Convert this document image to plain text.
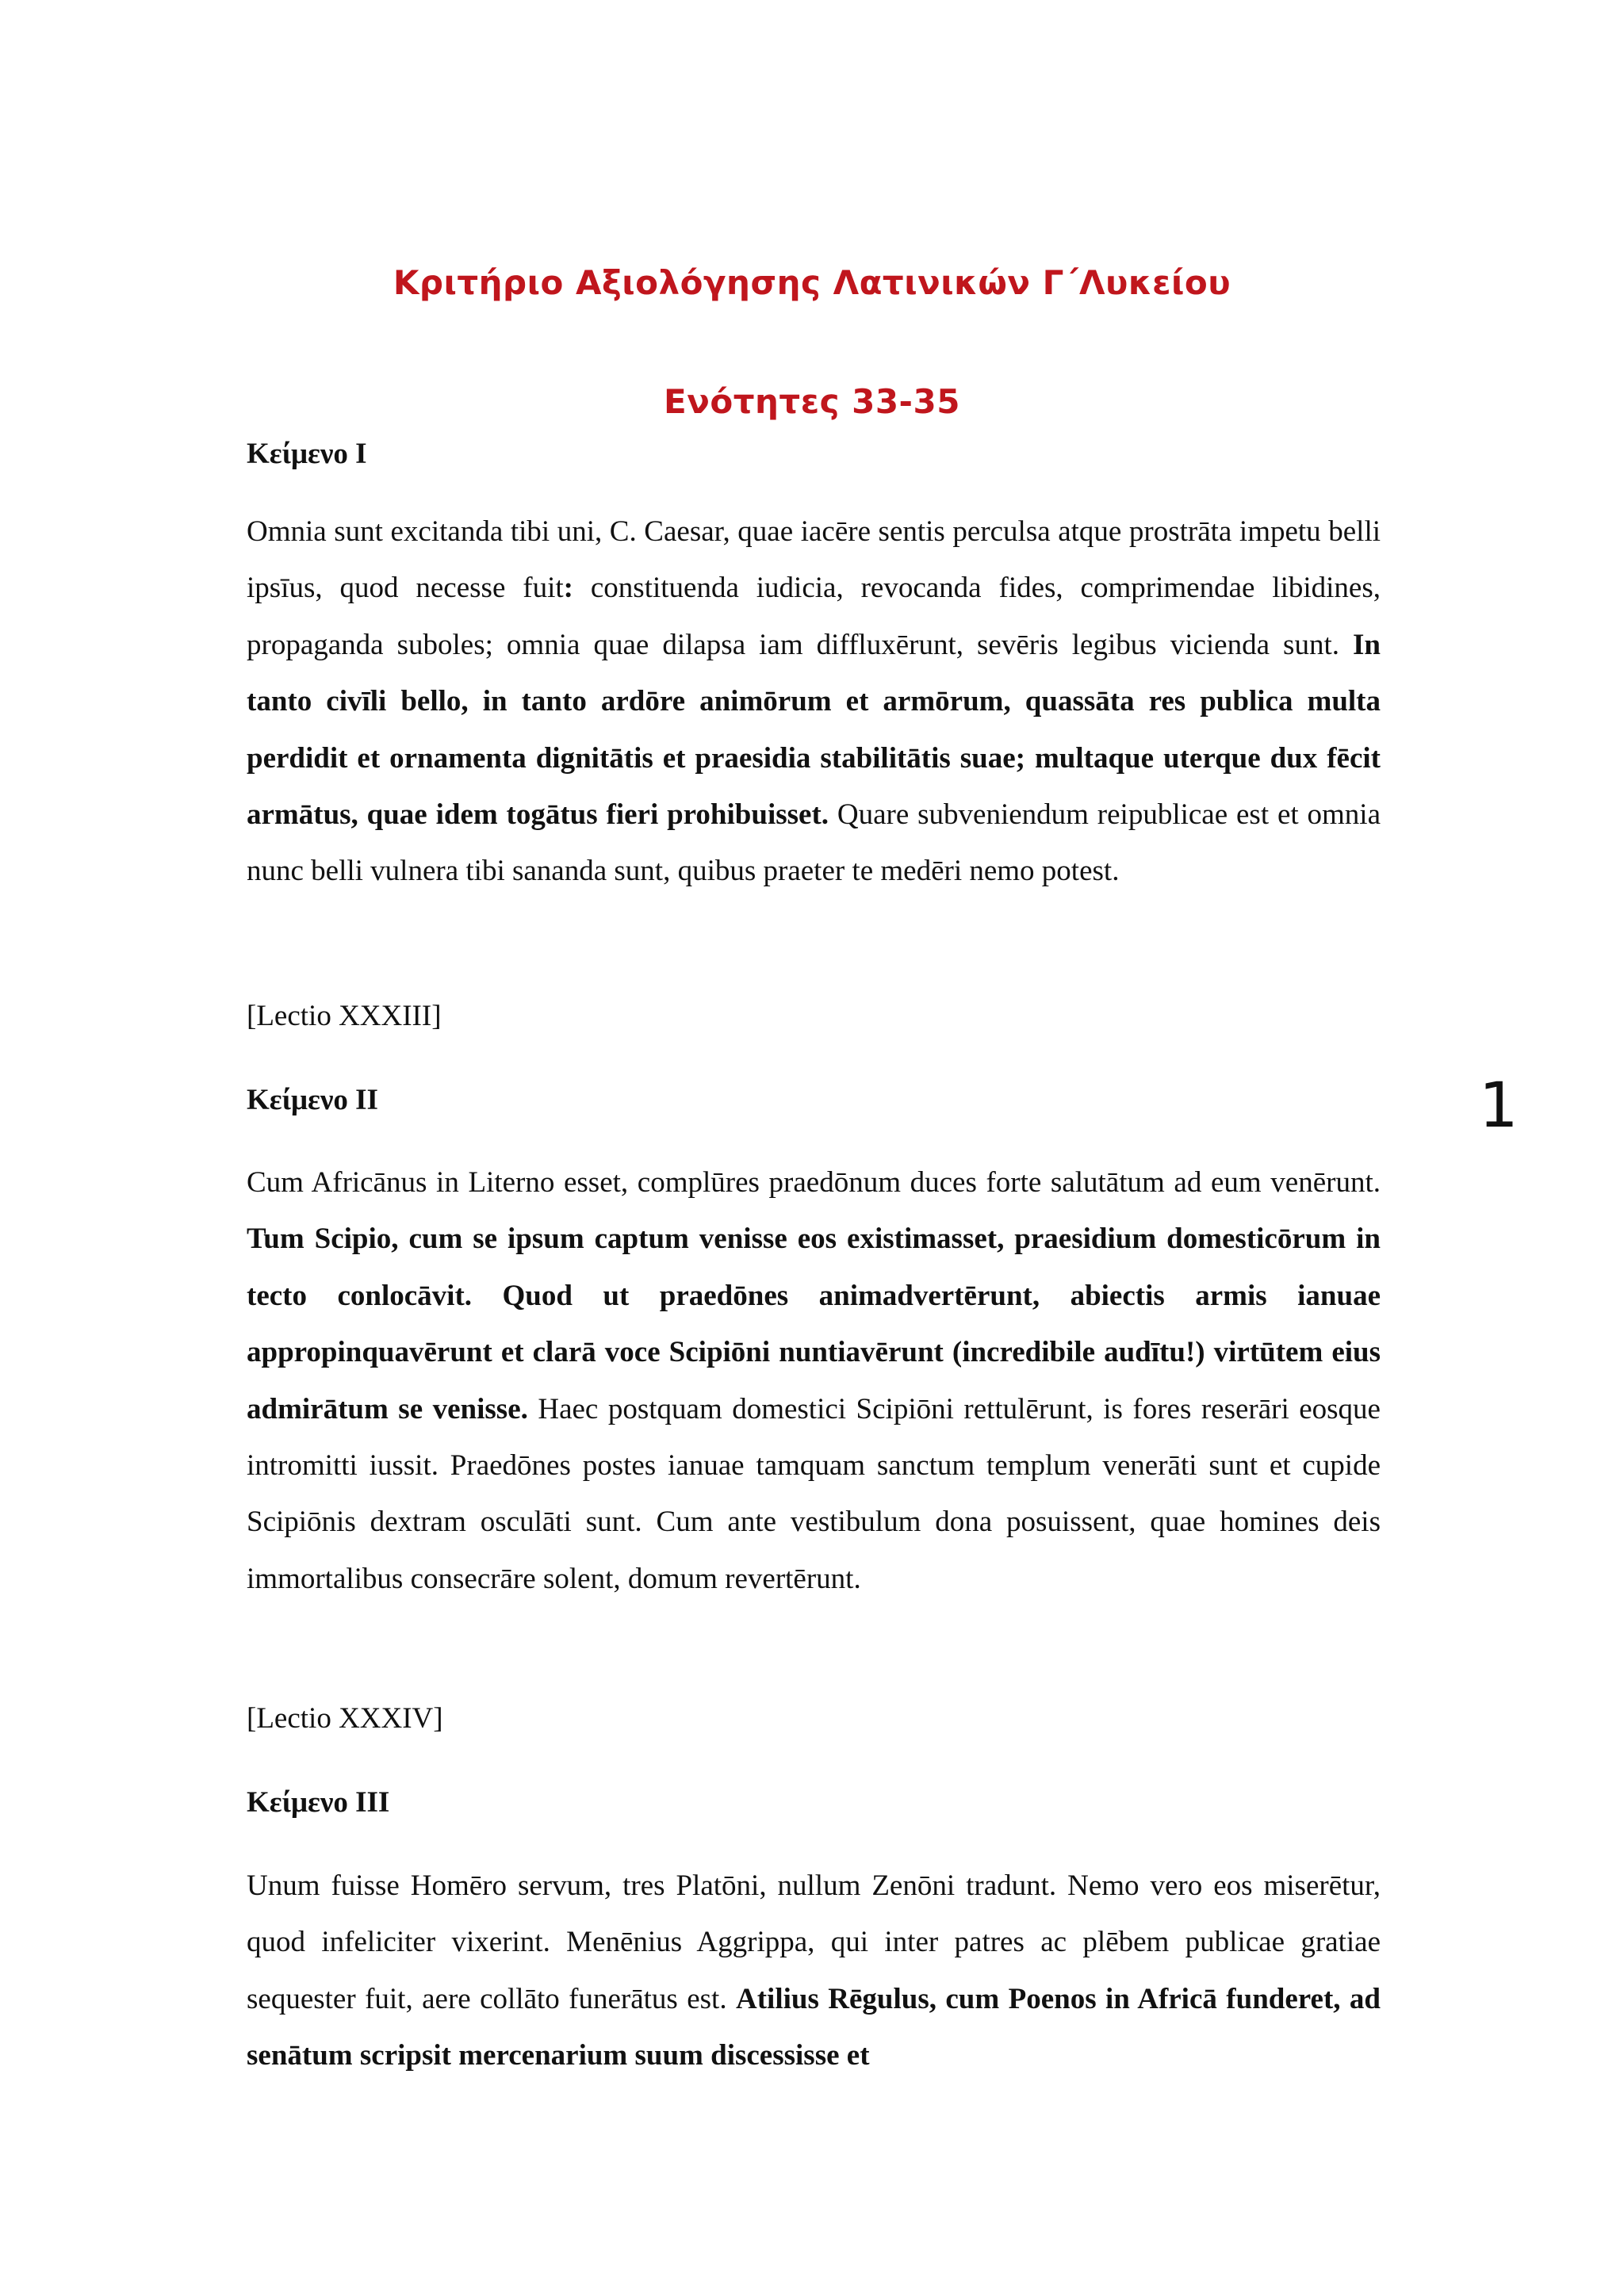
Κριτήριο Αξιολόγησης Λατινικών Γ΄Λυκείου
Ενότητες 33-35
Κείμενο Ι
Omnia sunt excitanda tibi uni, C. Caesar, quae iacēre sentis perculsa atque prostrāta impetu belli ipsīus, quod necesse fuit: constituenda iudicia, revocanda fides, comprimendae libidines, propaganda suboles; omnia quae dilapsa iam diffluxērunt, sevēris legibus vicienda sunt. In tanto civīli bello, in tanto ardōre animōrum et armōrum, quassāta res publica multa perdidit et ornamenta dignitātis et praesidia stabilitātis suae; multaque uterque dux fēcit armātus, quae idem togātus fieri prohibuisset. Quare subveniendum reipublicae est et omnia nunc belli vulnera tibi sananda sunt, quibus praeter te medēri nemo potest.
[Lectio XXXIII]
Κείμενο ΙΙ
Cum Africānus in Literno esset, complūres praedōnum duces forte salutātum ad eum venērunt. Tum Scipio, cum se ipsum captum venisse eos existimasset, praesidium domesticōrum in tecto conlocāvit. Quod ut praedōnes animadvertērunt, abiectis armis ianuae appropinquavērunt et clarā voce Scipiōni nuntiavērunt (incredibile audītu!) virtūtem eius admirātum se venisse. Haec postquam domestici Scipiōni rettulērunt, is fores reserāri eosque intromitti iussit. Praedōnes postes ianuae tamquam sanctum templum venerāti sunt et cupide Scipiōnis dextram osculāti sunt. Cum ante vestibulum dona posuissent, quae homines deis immortalibus consecrāre solent, domum revertērunt.
[Lectio XXXIV]
Κείμενο ΙΙΙ
Unum fuisse Homēro servum, tres Platōni, nullum Zenōni tradunt. Nemo vero eos miserētur, quod infeliciter vixerint. Menēnius Aggrippa, qui inter patres ac plēbem publicae gratiae sequester fuit, aere collāto funerātus est. Atilius Rēgulus, cum Poenos in Africā funderet, ad senātum scripsit mercenarium suum discessisse et
1
